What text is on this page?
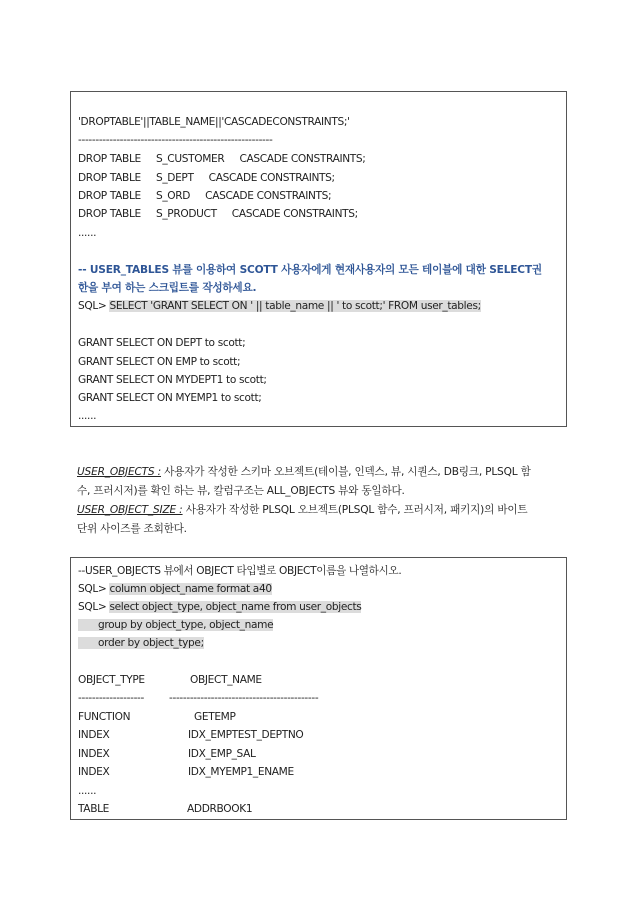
'DROPTABLE'||TABLE_NAME||'CASCADECONSTRAINTS;'
--------------------------------------------------------
DROP TABLE     S_CUSTOMER     CASCADE CONSTRAINTS;
DROP TABLE     S_DEPT     CASCADE CONSTRAINTS;
DROP TABLE     S_ORD     CASCADE CONSTRAINTS;
DROP TABLE     S_PRODUCT     CASCADE CONSTRAINTS;
......
-- USER_TABLES 뷰를 이용하여 SCOTT 사용자에게 현재사용자의 모든 테이블에 대한 SELECT권
한을 부여 하는 스크립트를 작성하세요.
SQL> SELECT 'GRANT SELECT ON ' || table_name || ' to scott;' FROM user_tables;
GRANT SELECT ON DEPT to scott;
GRANT SELECT ON EMP to scott;
GRANT SELECT ON MYDEPT1 to scott;
GRANT SELECT ON MYEMP1 to scott;
......
USER_OBJECTS : 사용자가 작성한 스키마 오브젝트(테이블, 인덱스, 뷰, 시퀀스, DB링크, PLSQL 함
수, 프러시저)를 확인 하는 뷰, 칼럼구조는 ALL_OBJECTS 뷰와 동일하다.
USER_OBJECT_SIZE : 사용자가 작성한 PLSQL 오브젝트(PLSQL 함수, 프러시저, 패키지)의 바이트
단위 사이즈를 조회한다.
--USER_OBJECTS 뷰에서 OBJECT 타입별로 OBJECT이름을 나열하시오.
SQL> column object_name format a40
SQL> select object_type, object_name from user_objects
group by object_type, object_name
order by object_type;
OBJECT_TYPE	OBJECT_NAME
------------------- -------------------------------------------
FUNCTION	GETEMP
INDEX	IDX_EMPTEST_DEPTNO
INDEX	IDX_EMP_SAL
INDEX	IDX_MYEMP1_ENAME
......
TABLE	ADDRBOOK1
